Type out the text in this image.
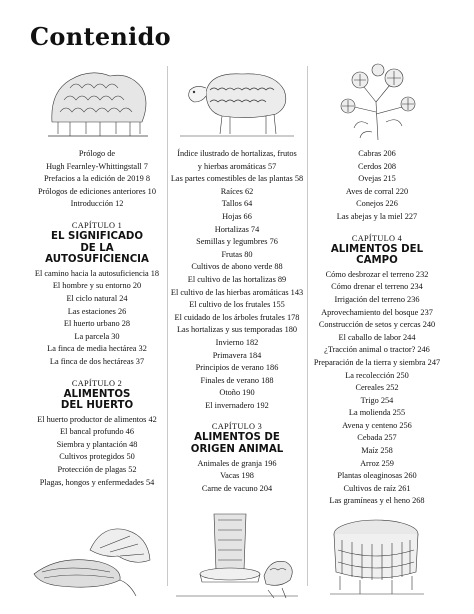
Contenido
Prólogo de
Hugh Fearnley-Whittingstall 7
Prefacios a la edición de 2019 8
Prólogos de ediciones anteriores 10
Introducción 12
CAPÍTULO 1
EL SIGNIFICADO
DE LA
AUTOSUFICIENCIA
El camino hacia la autosuficiencia 18
El hombre y su entorno 20
El ciclo natural 24
Las estaciones 26
El huerto urbano 28
La parcela 30
La finca de media hectárea 32
La finca de dos hectáreas 37
CAPÍTULO 2
ALIMENTOS
DEL HUERTO
El huerto productor de alimentos 42
El bancal profundo 46
Siembra y plantación 48
Cultivos protegidos 50
Protección de plagas 52
Plagas, hongos y enfermedades 54
Índice ilustrado de hortalizas, frutos
y hierbas aromáticas 57
Las partes comestibles de las plantas 58
Raíces 62
Tallos 64
Hojas 66
Hortalizas 74
Semillas y legumbres 76
Frutas 80
Cultivos de abono verde 88
El cultivo de las hortalizas 89
El cultivo de las hierbas aromáticas 143
El cultivo de los frutales 155
El cuidado de los árboles frutales 178
Las hortalizas y sus temporadas 180
Invierno 182
Primavera 184
Principios de verano 186
Finales de verano 188
Otoño 190
El invernadero 192
CAPÍTULO 3
ALIMENTOS DE
ORIGEN ANIMAL
Animales de granja 196
Vacas 198
Carne de vacuno 204
Cabras 206
Cerdos 208
Ovejas 215
Aves de corral 220
Conejos 226
Las abejas y la miel 227
CAPÍTULO 4
ALIMENTOS DEL CAMPO
Cómo desbrozar el terreno 232
Cómo drenar el terreno 234
Irrigación del terreno 236
Aprovechamiento del bosque 237
Construcción de setos y cercas 240
El caballo de labor 244
¿Tracción animal o tractor? 246
Preparación de la tierra y siembra 247
La recolección 250
Cereales 252
Trigo 254
La molienda 255
Avena y centeno 256
Cebada 257
Maíz 258
Arroz 259
Plantas oleaginosas 260
Cultivos de raíz 261
Las gramíneas y el heno 268
